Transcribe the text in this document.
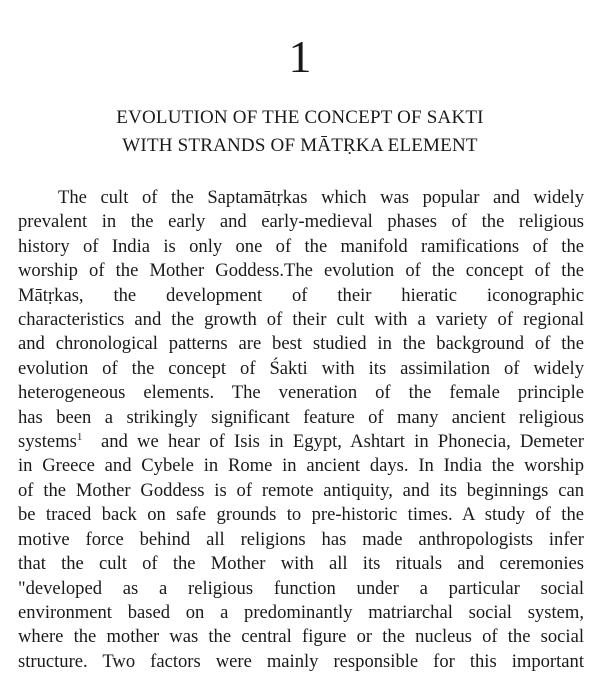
1
EVOLUTION OF THE CONCEPT OF SAKTI
WITH STRANDS OF MĀTṚKA ELEMENT
The cult of the Saptamātṛkas which was popular and widely
prevalent in the early and early-medieval phases of the religious
history of India is only one of the manifold ramifications of the
worship of the Mother Goddess.The evolution of the concept of the
Mātṛkas, the development of their hieratic iconographic
characteristics and the growth of their cult with a variety of regional
and chronological patterns are best studied in the background of the
evolution of the concept of Śakti with its assimilation of widely
heterogeneous elements. The veneration of the female principle
has been a strikingly significant feature of many ancient religious
systems$^1$ and we hear of Isis in Egypt, Ashtart in Phonecia, Demeter
in Greece and Cybele in Rome in ancient days. In India the worship
of the Mother Goddess is of remote antiquity, and its beginnings can
be traced back on safe grounds to pre-historic times. A study of the
motive force behind all religions has made anthropologists infer
that the cult of the Mother with all its rituals and ceremonies
"developed as a religious function under a particular social
environment based on a predominantly matriarchal social system,
where the mother was the central figure or the nucleus of the social
structure. Two factors were mainly responsible for this important
